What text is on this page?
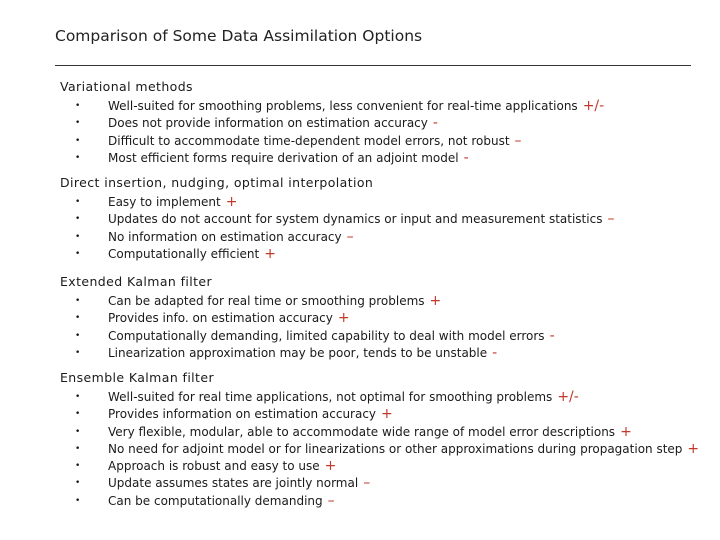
Comparison of Some Data Assimilation Options
Variational methods
• Well-suited for smoothing problems, less convenient for real-time applications +/-
• Does not provide information on estimation accuracy -
• Difficult to accommodate time-dependent model errors, not robust –
• Most efficient forms require derivation of an adjoint model -
Direct insertion, nudging, optimal interpolation
• Easy to implement +
• Updates do not account for system dynamics or input and measurement statistics –
• No information on estimation accuracy –
• Computationally efficient +
Extended Kalman filter
• Can be adapted for real time or smoothing problems +
• Provides info. on estimation accuracy +
• Computationally demanding, limited capability to deal with model errors -
• Linearization approximation may be poor, tends to be unstable -
Ensemble Kalman filter
• Well-suited for real time applications, not optimal for smoothing problems +/-
• Provides information on estimation accuracy +
• Very flexible, modular, able to accommodate wide range of model error descriptions +
• No need for adjoint model or for linearizations or other approximations during propagation step +
• Approach is robust and easy to use +
• Update assumes states are jointly normal –
• Can be computationally demanding –
